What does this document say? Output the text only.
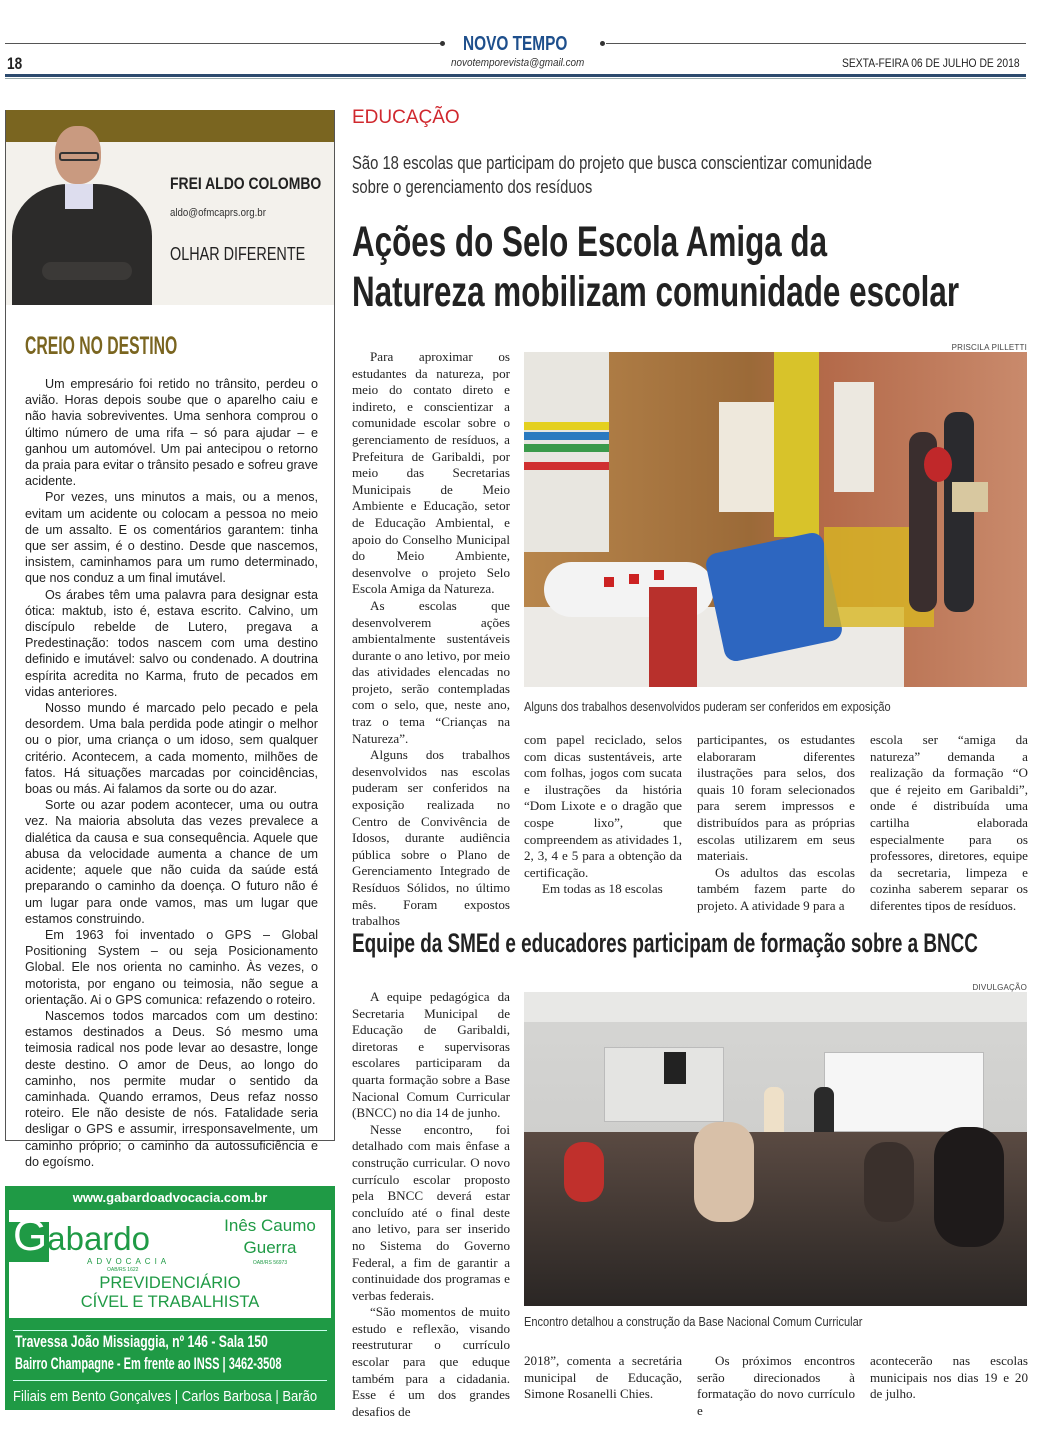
NOVO TEMPO
18	novotemporevista@gmail.com	SEXTA-FEIRA 06 DE JULHO DE 2018
FREI ALDO COLOMBO
aldo@ofmcaprs.org.br
OLHAR DIFERENTE
CREIO NO DESTINO

Um empresário foi retido no trânsito, perdeu o avião. Horas depois soube que o aparelho caiu e não havia sobreviventes. Uma senhora comprou o último número de uma rifa – só para ajudar – e ganhou um automóvel. Um pai antecipou o retorno da praia para evitar o trânsito pesado e sofreu grave acidente.

Por vezes, uns minutos a mais, ou a menos, evitam um acidente ou colocam a pessoa no meio de um assalto. E os comentários garantem: tinha que ser assim, é o destino. Desde que nascemos, insistem, caminhamos para um rumo determinado, que nos conduz a um final imutável.

Os árabes têm uma palavra para designar esta ótica: maktub, isto é, estava escrito. Calvino, um discípulo rebelde de Lutero, pregava a Predestinação: todos nascem com uma destino definido e imutável: salvo ou condenado. A doutrina espírita acredita no Karma, fruto de pecados em vidas anteriores.

Nosso mundo é marcado pelo pecado e pela desordem. Uma bala perdida pode atingir o melhor ou o pior, uma criança o um idoso, sem qualquer critério. Acontecem, a cada momento, milhões de fatos. Há situações marcadas por coincidências, boas ou más. Ai falamos da sorte ou do azar.

Sorte ou azar podem acontecer, uma ou outra vez. Na maioria absoluta das vezes prevalece a dialética da causa e sua consequência. Aquele que abusa da velocidade aumenta a chance de um acidente; aquele que não cuida da saúde está preparando o caminho da doença. O futuro não é um lugar para onde vamos, mas um lugar que estamos construindo.

Em 1963 foi inventado o GPS – Global Positioning System – ou seja Posicionamento Global. Ele nos orienta no caminho. Às vezes, o motorista, por engano ou teimosia, não segue a orientação. Ai o GPS comunica: refazendo o roteiro.

Nascemos todos marcados com um destino: estamos destinados a Deus. Só mesmo uma teimosia radical nos pode levar ao desastre, longe deste destino. O amor de Deus, ao longo do caminho, nos permite mudar o sentido da caminhada. Quando erramos, Deus refaz nosso roteiro. Ele não desiste de nós. Fatalidade seria desligar o GPS e assumir, irresponsavelmente, um caminho próprio; o caminho da autossuficiência e do egoísmo.

www.gabardoadvocacia.com.br
Gabardo
ADVOCACIA
OAB/RS 1622
Inês Caumo
Guerra
OAB/RS 56973
PREVIDENCIÁRIO
CÍVEL E TRABALHISTA
Travessa João Missiaggia, nº 146 - Sala 150
Bairro Champagne - Em frente ao INSS | 3462-3508
Filiais em Bento Gonçalves | Carlos Barbosa | Barão
EDUCAÇÃO
São 18 escolas que participam do projeto que busca conscientizar comunidade
sobre o gerenciamento dos resíduos
Ações do Selo Escola Amiga da
Natureza mobilizam comunidade escolar

Para aproximar os estudantes da natureza, por meio do contato direto e indireto, e conscientizar a comunidade escolar sobre o gerenciamento de resíduos, a Prefeitura de Garibaldi, por meio das Secretarias Municipais de Meio Ambiente e Educação, setor de Educação Ambiental, e apoio do Conselho Municipal do Meio Ambiente, desenvolve o projeto Selo Escola Amiga da Natureza.

As escolas que desenvolverem ações ambientalmente sustentáveis durante o ano letivo, por meio das atividades elencadas no projeto, serão contempladas com o selo, que, neste ano, traz o tema “Crianças na Natureza”.

Alguns dos trabalhos desenvolvidos nas escolas puderam ser conferidos na exposição realizada no Centro de Convivência de Idosos, durante audiência pública sobre o Plano de Gerenciamento Integrado de Resíduos Sólidos, no último mês. Foram expostos trabalhos

PRISCILA PILLETTI
Alguns dos trabalhos desenvolvidos puderam ser conferidos em exposição

com papel reciclado, selos com dicas sustentáveis, arte com folhas, jogos com sucata e ilustrações da história “Dom Lixote e o dragão que cospe lixo”, que compreendem as atividades 1, 2, 3, 4 e 5 para a obtenção da certificação.

Em todas as 18 escolas

participantes, os estudantes elaboraram diferentes ilustrações para selos, dos quais 10 foram selecionados para serem impressos e distribuídos para as próprias escolas utilizarem em seus materiais.

Os adultos das escolas também fazem parte do projeto. A atividade 9 para a

escola ser “amiga da natureza” demanda a realização da formação “O que é rejeito em Garibaldi”, onde é distribuída uma cartilha elaborada especialmente para os professores, diretores, equipe da secretaria, limpeza e cozinha saberem separar os diferentes tipos de resíduos.

Equipe da SMEd e educadores participam de formação sobre a BNCC

A equipe pedagógica da Secretaria Municipal de Educação de Garibaldi, diretoras e supervisoras escolares participaram da quarta formação sobre a Base Nacional Comum Curricular (BNCC) no dia 14 de junho.

Nesse encontro, foi detalhado com mais ênfase a construção curricular. O novo currículo escolar proposto pela BNCC deverá estar concluído até o final deste ano letivo, para ser inserido no Sistema do Governo Federal, a fim de garantir a continuidade dos programas e verbas federais.

“São momentos de muito estudo e reflexão, visando reestruturar o currículo escolar para que eduque também para a cidadania. Esse é um dos grandes desafios de

DIVULGAÇÃO
Encontro detalhou a construção da Base Nacional Comum Curricular

2018”, comenta a secretária municipal de Educação, Simone Rosanelli Chies.

Os próximos encontros serão direcionados à formatação do novo currículo e

acontecerão nas escolas municipais nos dias 19 e 20 de julho.
